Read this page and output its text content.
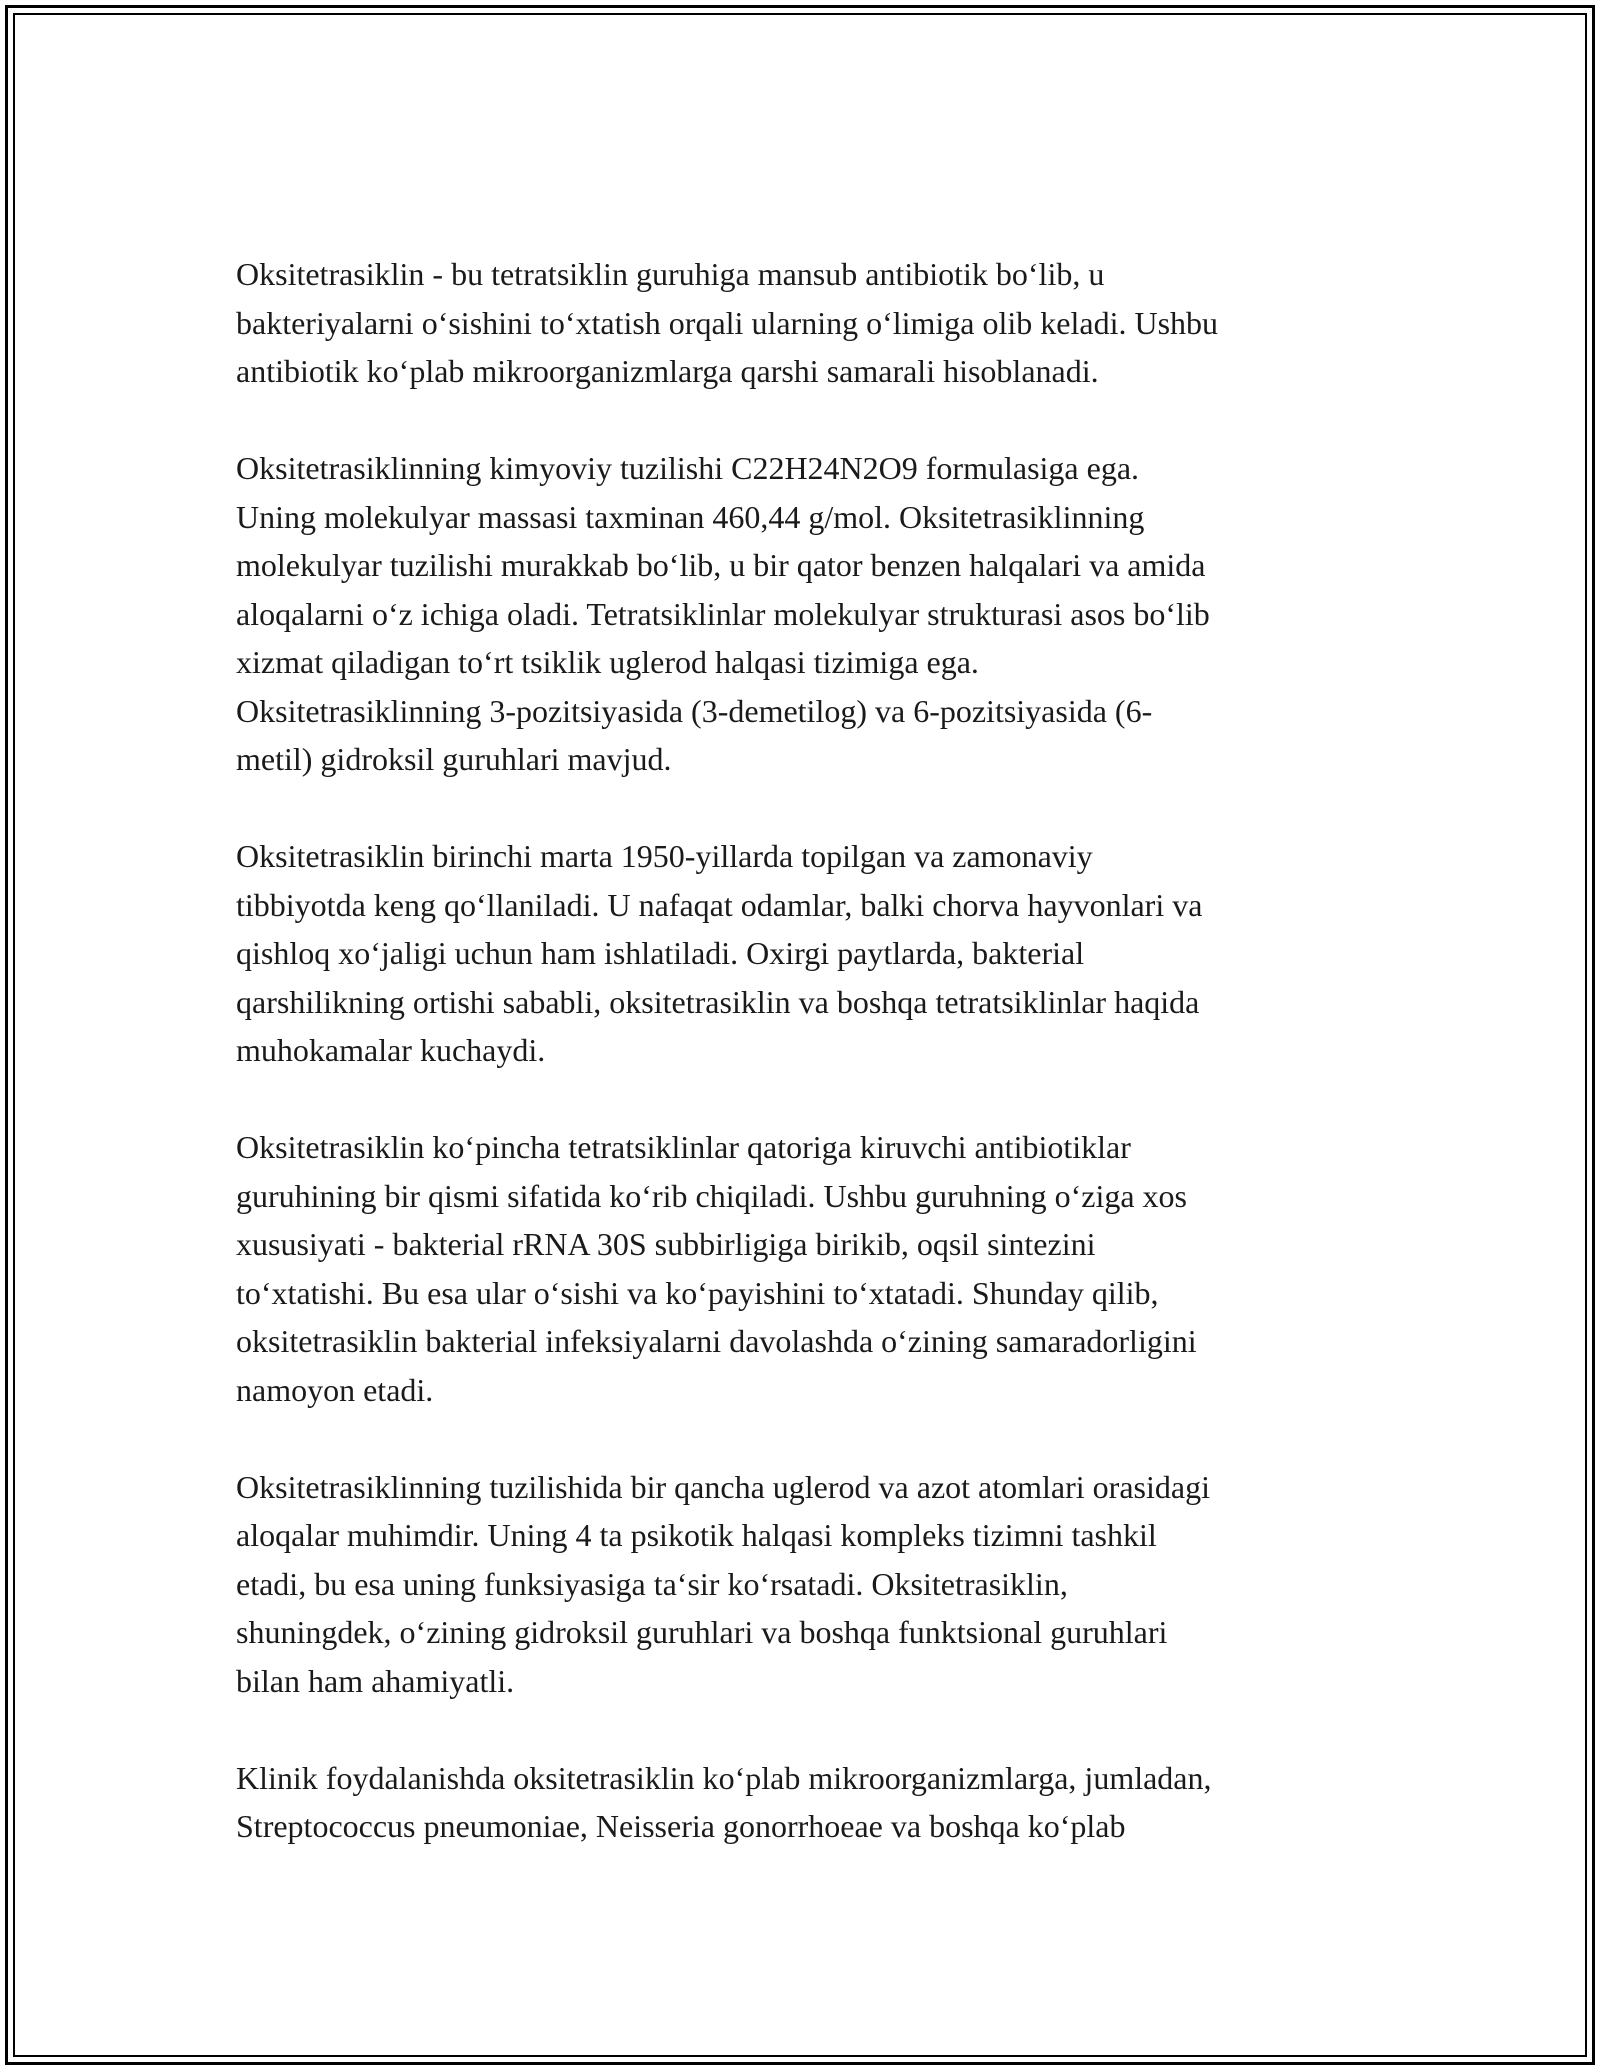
Oksitetrasiklin - bu tetratsiklin guruhiga mansub antibiotik bo‘lib, u
bakteriyalarni o‘sishini to‘xtatish orqali ularning o‘limiga olib keladi. Ushbu
antibiotik ko‘plab mikroorganizmlarga qarshi samarali hisoblanadi.

Oksitetrasiklinning kimyoviy tuzilishi C22H24N2O9 formulasiga ega.
Uning molekulyar massasi taxminan 460,44 g/mol. Oksitetrasiklinning
molekulyar tuzilishi murakkab bo‘lib, u bir qator benzen halqalari va amida
aloqalarni o‘z ichiga oladi. Tetratsiklinlar molekulyar strukturasi asos bo‘lib
xizmat qiladigan to‘rt tsiklik uglerod halqasi tizimiga ega.
Oksitetrasiklinning 3-pozitsiyasida (3-demetilog) va 6-pozitsiyasida (6-
metil) gidroksil guruhlari mavjud.

Oksitetrasiklin birinchi marta 1950-yillarda topilgan va zamonaviy
tibbiyotda keng qo‘llaniladi. U nafaqat odamlar, balki chorva hayvonlari va
qishloq xo‘jaligi uchun ham ishlatiladi. Oxirgi paytlarda, bakterial
qarshilikning ortishi sababli, oksitetrasiklin va boshqa tetratsiklinlar haqida
muhokamalar kuchaydi.

Oksitetrasiklin ko‘pincha tetratsiklinlar qatoriga kiruvchi antibiotiklar
guruhining bir qismi sifatida ko‘rib chiqiladi. Ushbu guruhning o‘ziga xos
xususiyati - bakterial rRNA 30S subbirligiga birikib, oqsil sintezini
to‘xtatishi. Bu esa ular o‘sishi va ko‘payishini to‘xtatadi. Shunday qilib,
oksitetrasiklin bakterial infeksiyalarni davolashda o‘zining samaradorligini
namoyon etadi.

Oksitetrasiklinning tuzilishida bir qancha uglerod va azot atomlari orasidagi
aloqalar muhimdir. Uning 4 ta psikotik halqasi kompleks tizimni tashkil
etadi, bu esa uning funksiyasiga ta‘sir ko‘rsatadi. Oksitetrasiklin,
shuningdek, o‘zining gidroksil guruhlari va boshqa funktsional guruhlari
bilan ham ahamiyatli.

Klinik foydalanishda oksitetrasiklin ko‘plab mikroorganizmlarga, jumladan,
Streptococcus pneumoniae, Neisseria gonorrhoeae va boshqa ko‘plab
